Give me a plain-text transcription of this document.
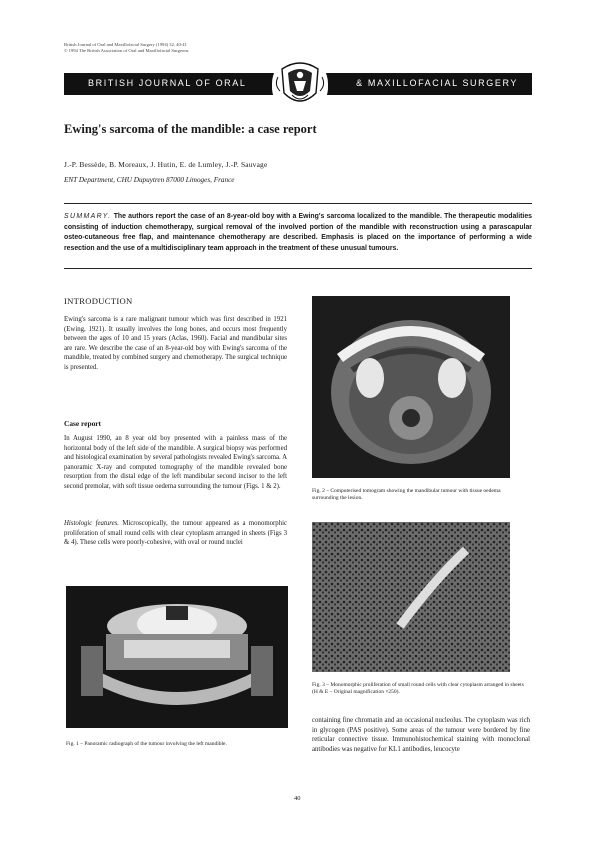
British Journal of Oral and Maxillofacial Surgery (1994) 32, 40-41
© 1994 The British Association of Oral and Maxillofacial Surgeons
BRITISH JOURNAL OF ORAL	& MAXILLOFACIAL SURGERY
Ewing's sarcoma of the mandible: a case report
J.-P. Bessède, B. Moreaux, J. Hutin, E. de Lumley, J.-P. Sauvage
ENT Department, CHU Dupuytren 87000 Limoges, France
SUMMARY. The authors report the case of an 8-year-old boy with a Ewing's sarcoma localized to the mandible. The therapeutic modalities consisting of induction chemotherapy, surgical removal of the involved portion of the mandible with reconstruction using a parascapular osteo-cutaneous free flap, and maintenance chemotherapy are described. Emphasis is placed on the importance of performing a wide resection and the use of a multidisciplinary team approach in the treatment of these unusual tumours.
INTRODUCTION
Ewing's sarcoma is a rare malignant tumour which was first described in 1921 (Ewing, 1921). It usually involves the long bones, and occurs most frequently between the ages of 10 and 15 years (Aclas, 1960). Facial and mandibular sites are rare. We describe the case of an 8-year-old boy with Ewing's sarcoma of the mandible, treated by combined surgery and chemotherapy. The surgical technique is presented.
Case report
In August 1990, an 8 year old boy presented with a painless mass of the horizontal body of the left side of the mandible. A surgical biopsy was performed and histological examination by several pathologists revealed Ewing's sarcoma. A panoramic X-ray and computed tomography of the mandible revealed bone resorption from the distal edge of the left mandibular second incisor to the left second premolar, with soft tissue oedema surrounding the tumour (Figs. 1 & 2).
Histologic features. Microscopically, the tumour appeared as a monomorphic proliferation of small round cells with clear cytoplasm arranged in sheets (Figs 3 & 4). These cells were poorly-cohesive, with oval or round nuclei
Fig. 1 – Panoramic radiograph of the tumour involving the left mandible.
Fig. 2 – Computerised tomogram showing the mandibular tumour with tissue oedema surrounding the lesion.
Fig. 3 – Monomorphic proliferation of small round cells with clear cytoplasm arranged in sheets (H & E – Original magnification ×250).
containing fine chromatin and an occasional nucleolus. The cytoplasm was rich in glycogen (PAS positive). Some areas of the tumour were bordered by fine reticular connective tissue. Immunohistochemical staining with monoclonal antibodies was negative for KL1 antibodies, leucocyte
40
